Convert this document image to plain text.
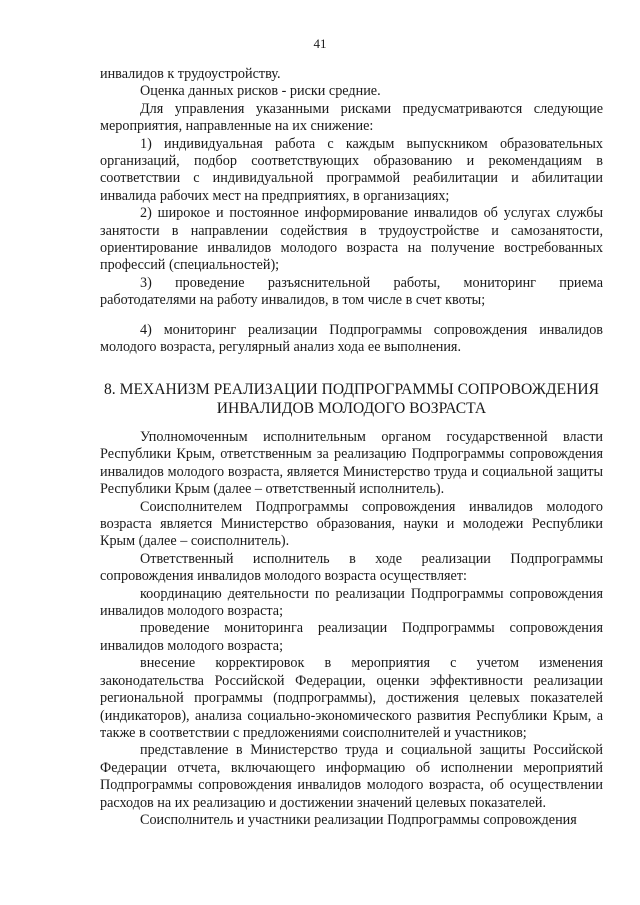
41

инвалидов к трудоустройству.

Оценка данных рисков - риски средние.

Для управления указанными рисками предусматриваются следующие мероприятия, направленные на их снижение:

1) индивидуальная работа с каждым выпускником образовательных организаций, подбор соответствующих образованию и рекомендациям в соответствии с индивидуальной программой реабилитации и абилитации инвалида рабочих мест на предприятиях, в организациях;

2) широкое и постоянное информирование инвалидов об услугах службы занятости в направлении содействия в трудоустройстве и самозанятости, ориентирование инвалидов молодого возраста на получение востребованных профессий (специальностей);

3) проведение разъяснительной работы, мониторинг приема работодателями на работу инвалидов, в том числе в счет квоты;

4) мониторинг реализации Подпрограммы сопровождения инвалидов молодого возраста, регулярный анализ хода ее выполнения.

8. МЕХАНИЗМ РЕАЛИЗАЦИИ ПОДПРОГРАММЫ СОПРОВОЖДЕНИЯ

ИНВАЛИДОВ МОЛОДОГО ВОЗРАСТА

Уполномоченным исполнительным органом государственной власти Республики Крым, ответственным за реализацию Подпрограммы сопровождения инвалидов молодого возраста, является Министерство труда и социальной защиты Республики Крым (далее – ответственный исполнитель).

Соисполнителем Подпрограммы сопровождения инвалидов молодого возраста является Министерство образования, науки и молодежи Республики Крым (далее – соисполнитель).

Ответственный исполнитель в ходе реализации Подпрограммы сопровождения инвалидов молодого возраста осуществляет:

координацию деятельности по реализации Подпрограммы сопровождения инвалидов молодого возраста;

проведение мониторинга реализации Подпрограммы сопровождения инвалидов молодого возраста;

внесение корректировок в мероприятия с учетом изменения законодательства Российской Федерации, оценки эффективности реализации региональной программы (подпрограммы), достижения целевых показателей (индикаторов), анализа социально-экономического развития Республики Крым, а также в соответствии с предложениями соисполнителей и участников;

представление в Министерство труда и социальной защиты Российской Федерации отчета, включающего информацию об исполнении мероприятий Подпрограммы сопровождения инвалидов молодого возраста, об осуществлении расходов на их реализацию и достижении значений целевых показателей.

Соисполнитель и участники реализации Подпрограммы сопровождения
